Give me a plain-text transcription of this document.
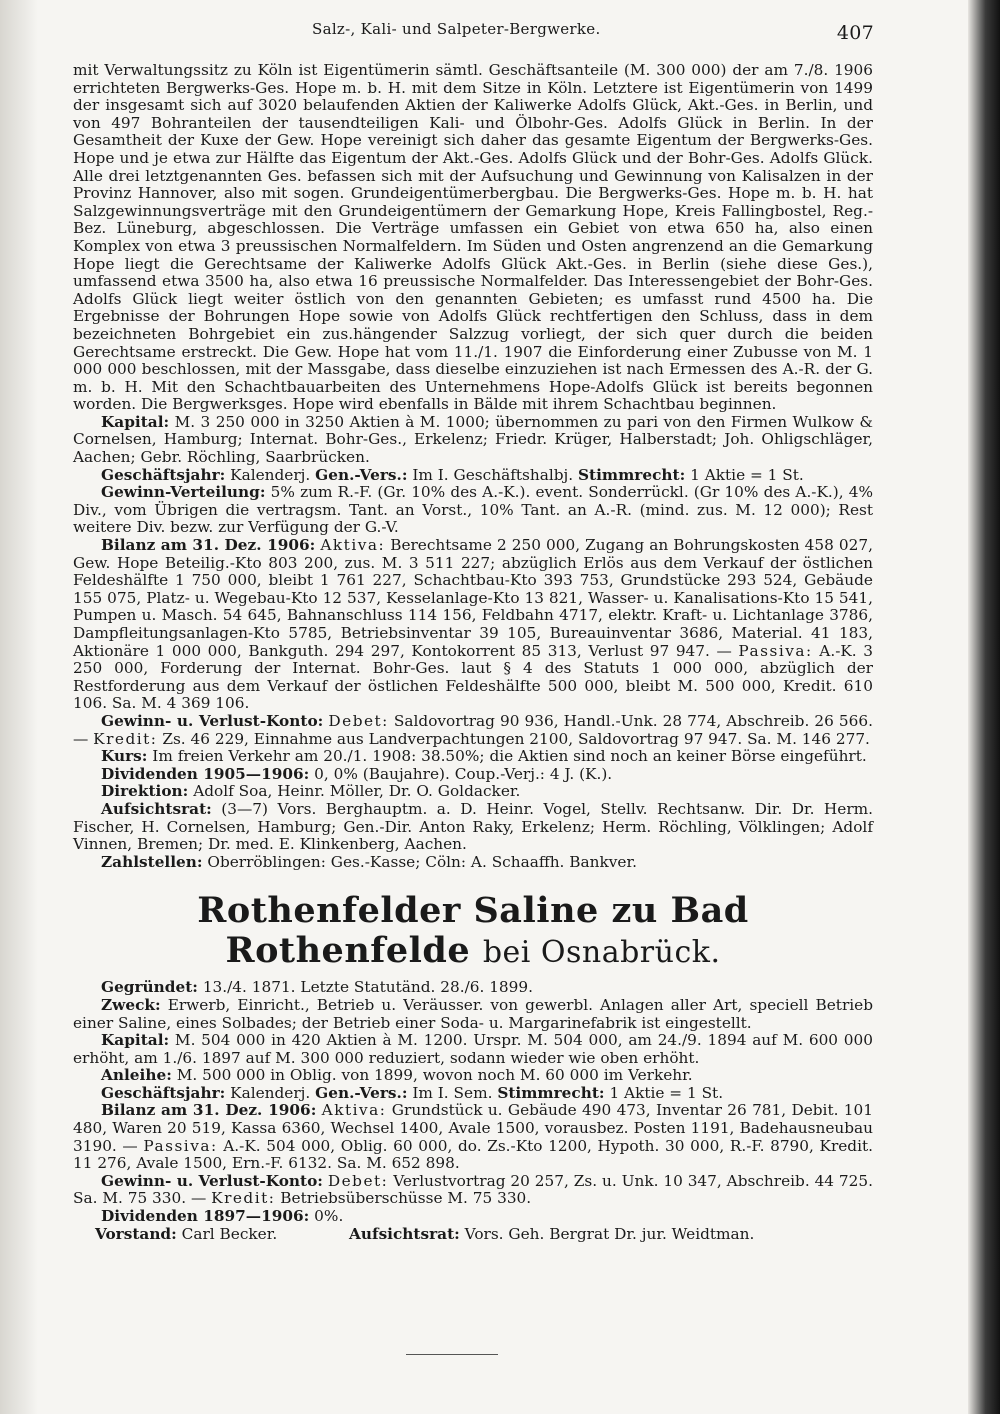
Salz-, Kali- und Salpeter-Bergwerke.	407

mit Verwaltungssitz zu Köln ist Eigentümerin sämtl. Geschäftsanteile (M. 300 000) der am 7./8. 1906 errichteten Bergwerks-Ges. Hope m. b. H. mit dem Sitze in Köln. Letztere ist Eigentümerin von 1499 der insgesamt sich auf 3020 belaufenden Aktien der Kaliwerke Adolfs Glück, Akt.-Ges. in Berlin, und von 497 Bohranteilen der tausendteiligen Kali- und Ölbohr-Ges. Adolfs Glück in Berlin. In der Gesamtheit der Kuxe der Gew. Hope vereinigt sich daher das gesamte Eigentum der Bergwerks-Ges. Hope und je etwa zur Hälfte das Eigentum der Akt.-Ges. Adolfs Glück und der Bohr-Ges. Adolfs Glück. Alle drei letztgenannten Ges. befassen sich mit der Aufsuchung und Gewinnung von Kalisalzen in der Provinz Hannover, also mit sogen. Grundeigentümerbergbau. Die Bergwerks-Ges. Hope m. b. H. hat Salzgewinnungsverträge mit den Grundeigentümern der Gemarkung Hope, Kreis Fallingbostel, Reg.-Bez. Lüneburg, abgeschlossen. Die Verträge umfassen ein Gebiet von etwa 650 ha, also einen Komplex von etwa 3 preussischen Normalfeldern. Im Süden und Osten angrenzend an die Gemarkung Hope liegt die Gerechtsame der Kaliwerke Adolfs Glück Akt.-Ges. in Berlin (siehe diese Ges.), umfassend etwa 3500 ha, also etwa 16 preussische Normalfelder. Das Interessengebiet der Bohr-Ges. Adolfs Glück liegt weiter östlich von den genannten Gebieten; es umfasst rund 4500 ha. Die Ergebnisse der Bohrungen Hope sowie von Adolfs Glück rechtfertigen den Schluss, dass in dem bezeichneten Bohrgebiet ein zus.hängender Salzzug vorliegt, der sich quer durch die beiden Gerechtsame erstreckt. Die Gew. Hope hat vom 11./1. 1907 die Einforderung einer Zubusse von M. 1 000 000 beschlossen, mit der Massgabe, dass dieselbe einzuziehen ist nach Ermessen des A.-R. der G. m. b. H. Mit den Schachtbauarbeiten des Unternehmens Hope-Adolfs Glück ist bereits begonnen worden. Die Bergwerksges. Hope wird ebenfalls in Bälde mit ihrem Schachtbau beginnen.

Kapital: M. 3 250 000 in 3250 Aktien à M. 1000; übernommen zu pari von den Firmen Wulkow & Cornelsen, Hamburg; Internat. Bohr-Ges., Erkelenz; Friedr. Krüger, Halberstadt; Joh. Ohligschläger, Aachen; Gebr. Röchling, Saarbrücken.

Geschäftsjahr: Kalenderj. Gen.-Vers.: Im I. Geschäftshalbj. Stimmrecht: 1 Aktie = 1 St.

Gewinn-Verteilung: 5% zum R.-F. (Gr. 10% des A.-K.). event. Sonderrückl. (Gr 10% des A.-K.), 4% Div., vom Übrigen die vertragsm. Tant. an Vorst., 10% Tant. an A.-R. (mind. zus. M. 12 000); Rest weitere Div. bezw. zur Verfügung der G.-V.

Bilanz am 31. Dez. 1906: Aktiva: Berechtsame 2 250 000, Zugang an Bohrungskosten 458 027, Gew. Hope Beteilig.-Kto 803 200, zus. M. 3 511 227; abzüglich Erlös aus dem Verkauf der östlichen Feldeshälfte 1 750 000, bleibt 1 761 227, Schachtbau-Kto 393 753, Grundstücke 293 524, Gebäude 155 075, Platz- u. Wegebau-Kto 12 537, Kesselanlage-Kto 13 821, Wasser- u. Kanalisations-Kto 15 541, Pumpen u. Masch. 54 645, Bahnanschluss 114 156, Feldbahn 4717, elektr. Kraft- u. Lichtanlage 3786, Dampfleitungsanlagen-Kto 5785, Betriebsinventar 39 105, Bureauinventar 3686, Material. 41 183, Aktionäre 1 000 000, Bankguth. 294 297, Kontokorrent 85 313, Verlust 97 947. — Passiva: A.-K. 3 250 000, Forderung der Internat. Bohr-Ges. laut § 4 des Statuts 1 000 000, abzüglich der Restforderung aus dem Verkauf der östlichen Feldeshälfte 500 000, bleibt M. 500 000, Kredit. 610 106. Sa. M. 4 369 106.

Gewinn- u. Verlust-Konto: Debet: Saldovortrag 90 936, Handl.-Unk. 28 774, Abschreib. 26 566. — Kredit: Zs. 46 229, Einnahme aus Landverpachtungen 2100, Saldovortrag 97 947. Sa. M. 146 277.

Kurs: Im freien Verkehr am 20./1. 1908: 38.50%; die Aktien sind noch an keiner Börse eingeführt.

Dividenden 1905—1906: 0, 0% (Baujahre). Coup.-Verj.: 4 J. (K.).

Direktion: Adolf Soa, Heinr. Möller, Dr. O. Goldacker.

Aufsichtsrat: (3—7) Vors. Berghauptm. a. D. Heinr. Vogel, Stellv. Rechtsanw. Dir. Dr. Herm. Fischer, H. Cornelsen, Hamburg; Gen.-Dir. Anton Raky, Erkelenz; Herm. Röchling, Völklingen; Adolf Vinnen, Bremen; Dr. med. E. Klinkenberg, Aachen.

Zahlstellen: Oberröblingen: Ges.-Kasse; Cöln: A. Schaaffh. Bankver.

Rothenfelder Saline zu Bad Rothenfelde bei Osnabrück.

Gegründet: 13./4. 1871. Letzte Statutänd. 28./6. 1899.

Zweck: Erwerb, Einricht., Betrieb u. Veräusser. von gewerbl. Anlagen aller Art, speciell Betrieb einer Saline, eines Solbades; der Betrieb einer Soda- u. Margarinefabrik ist eingestellt.

Kapital: M. 504 000 in 420 Aktien à M. 1200. Urspr. M. 504 000, am 24./9. 1894 auf M. 600 000 erhöht, am 1./6. 1897 auf M. 300 000 reduziert, sodann wieder wie oben erhöht.

Anleihe: M. 500 000 in Oblig. von 1899, wovon noch M. 60 000 im Verkehr.

Geschäftsjahr: Kalenderj. Gen.-Vers.: Im I. Sem. Stimmrecht: 1 Aktie = 1 St.

Bilanz am 31. Dez. 1906: Aktiva: Grundstück u. Gebäude 490 473, Inventar 26 781, Debit. 101 480, Waren 20 519, Kassa 6360, Wechsel 1400, Avale 1500, vorausbez. Posten 1191, Badehausneubau 3190. — Passiva: A.-K. 504 000, Oblig. 60 000, do. Zs.-Kto 1200, Hypoth. 30 000, R.-F. 8790, Kredit. 11 276, Avale 1500, Ern.-F. 6132. Sa. M. 652 898.

Gewinn- u. Verlust-Konto: Debet: Verlustvortrag 20 257, Zs. u. Unk. 10 347, Abschreib. 44 725. Sa. M. 75 330. — Kredit: Betriebsüberschüsse M. 75 330.

Dividenden 1897—1906: 0%.

Vorstand: Carl Becker.	Aufsichtsrat: Vors. Geh. Bergrat Dr. jur. Weidtman.
